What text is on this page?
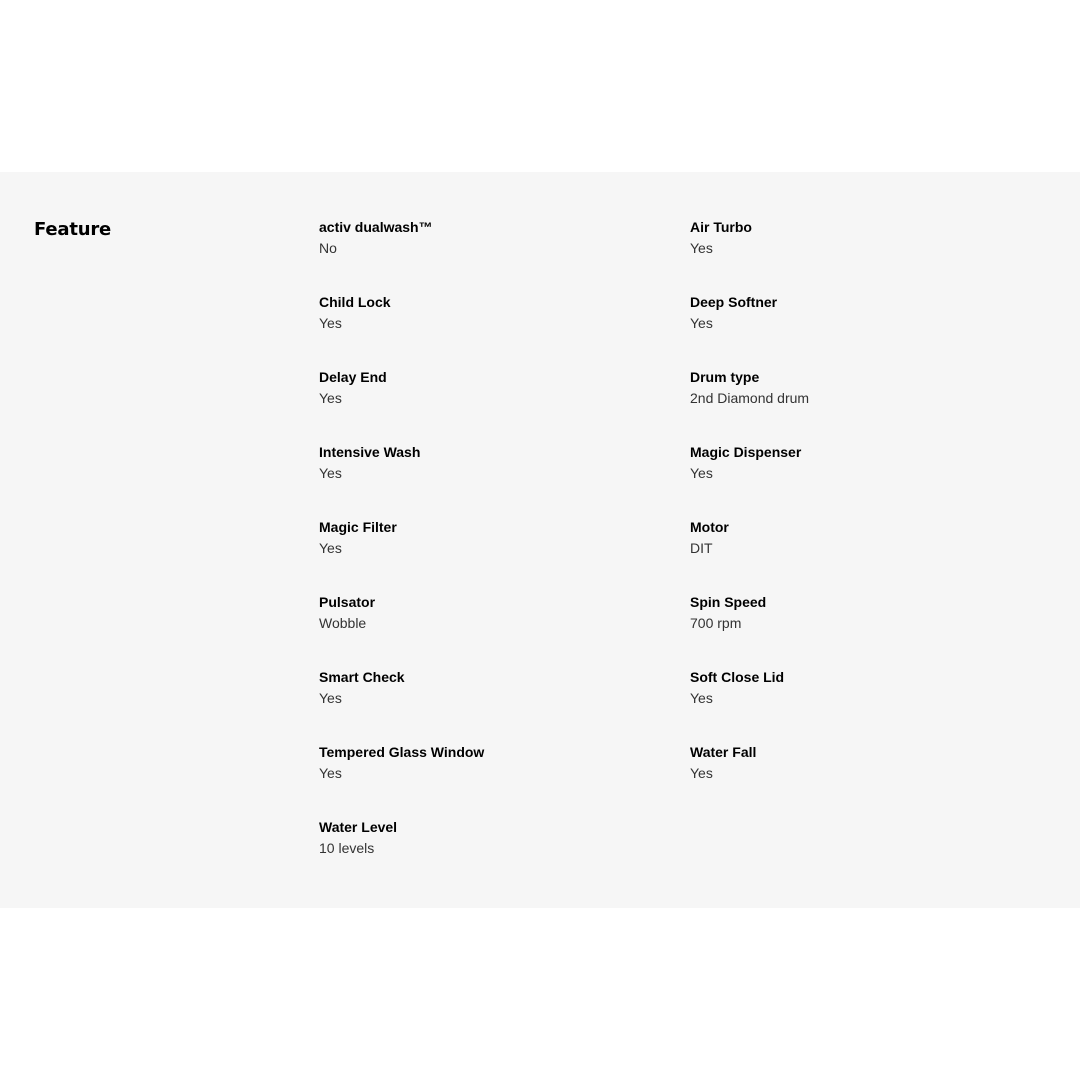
Feature	activ dualwash™
No
Air Turbo
Yes
Child Lock
Yes
Deep Softner
Yes
Delay End
Yes
Drum type
2nd Diamond drum
Intensive Wash
Yes
Magic Dispenser
Yes
Magic Filter
Yes
Motor
DIT
Pulsator
Wobble
Spin Speed
700 rpm
Smart Check
Yes
Soft Close Lid
Yes
Tempered Glass Window
Yes
Water Fall
Yes
Water Level
10 levels
